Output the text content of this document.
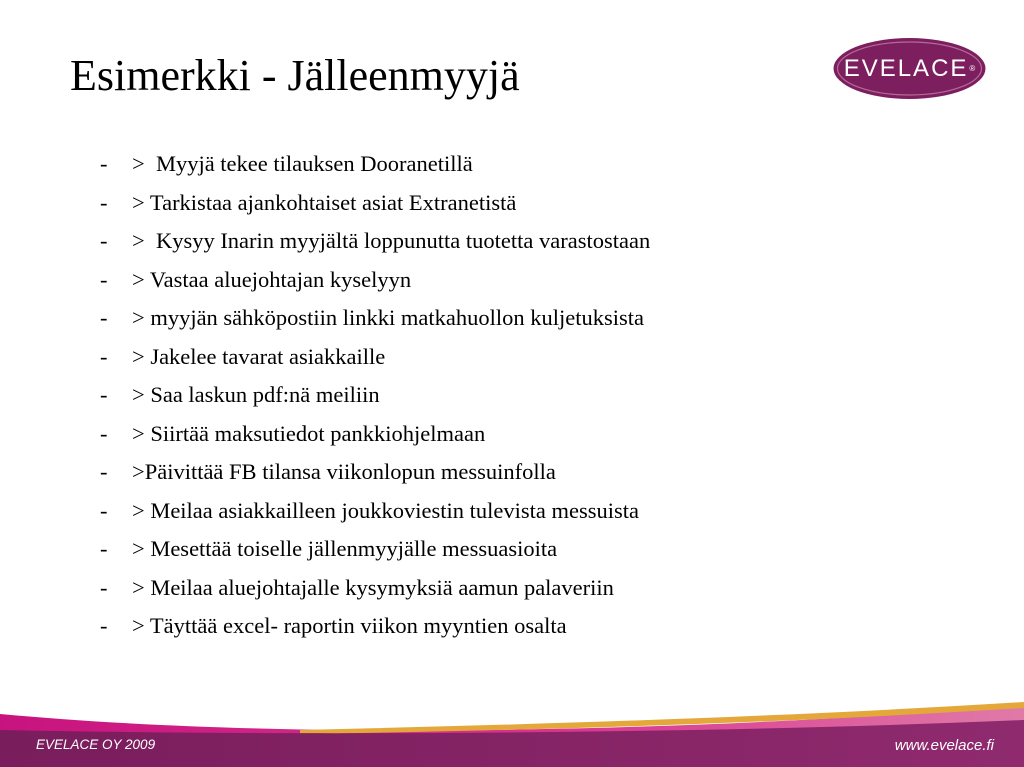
Esimerkki - Jälleenmyyjä	EVELACE ®
-	>  Myyjä tekee tilauksen Dooranetillä
-	> Tarkistaa ajankohtaiset asiat Extranetistä
-	>  Kysyy Inarin myyjältä loppunutta tuotetta varastostaan
-	> Vastaa aluejohtajan kyselyyn
-	> myyjän sähköpostiin linkki matkahuollon kuljetuksista
-	> Jakelee tavarat asiakkaille
-	> Saa laskun pdf:nä meiliin
-	> Siirtää maksutiedot pankkiohjelmaan
-	>Päivittää FB tilansa viikonlopun messuinfolla
-	> Meilaa asiakkailleen joukkoviestin tulevista messuista
-	> Mesettää toiselle jällenmyyjälle messuasioita
-	> Meilaa aluejohtajalle kysymyksiä aamun palaveriin
-	> Täyttää excel- raportin viikon myyntien osalta
EVELACE OY 2009	www.evelace.fi
